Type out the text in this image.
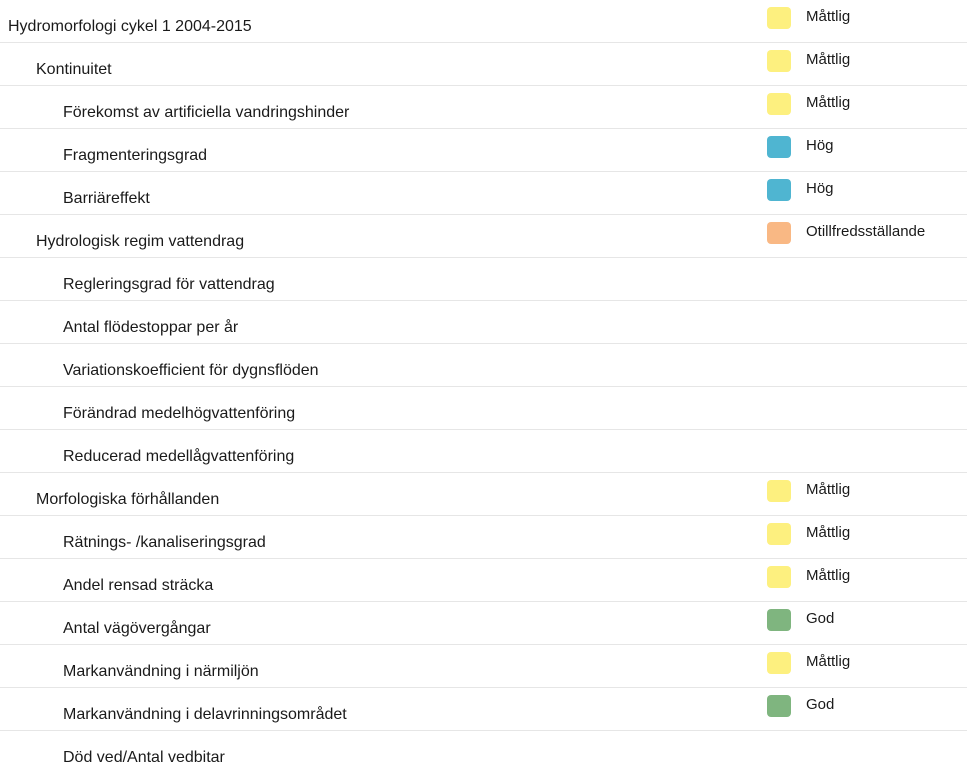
Hydromorfologi cykel 1 2004-2015
Måttlig
Kontinuitet
Måttlig
Förekomst av artificiella vandringshinder
Måttlig
Fragmenteringsgrad
Hög
Barriäreffekt
Hög
Hydrologisk regim vattendrag
Otillfredsställande
Regleringsgrad för vattendrag
Antal flödestoppar per år
Variationskoefficient för dygnsflöden
Förändrad medelhögvattenföring
Reducerad medellågvattenföring
Morfologiska förhållanden
Måttlig
Rätnings- /kanaliseringsgrad
Måttlig
Andel rensad sträcka
Måttlig
Antal vägövergångar
God
Markanvändning i närmiljön
Måttlig
Markanvändning i delavrinningsområdet
God
Död ved/Antal vedbitar
